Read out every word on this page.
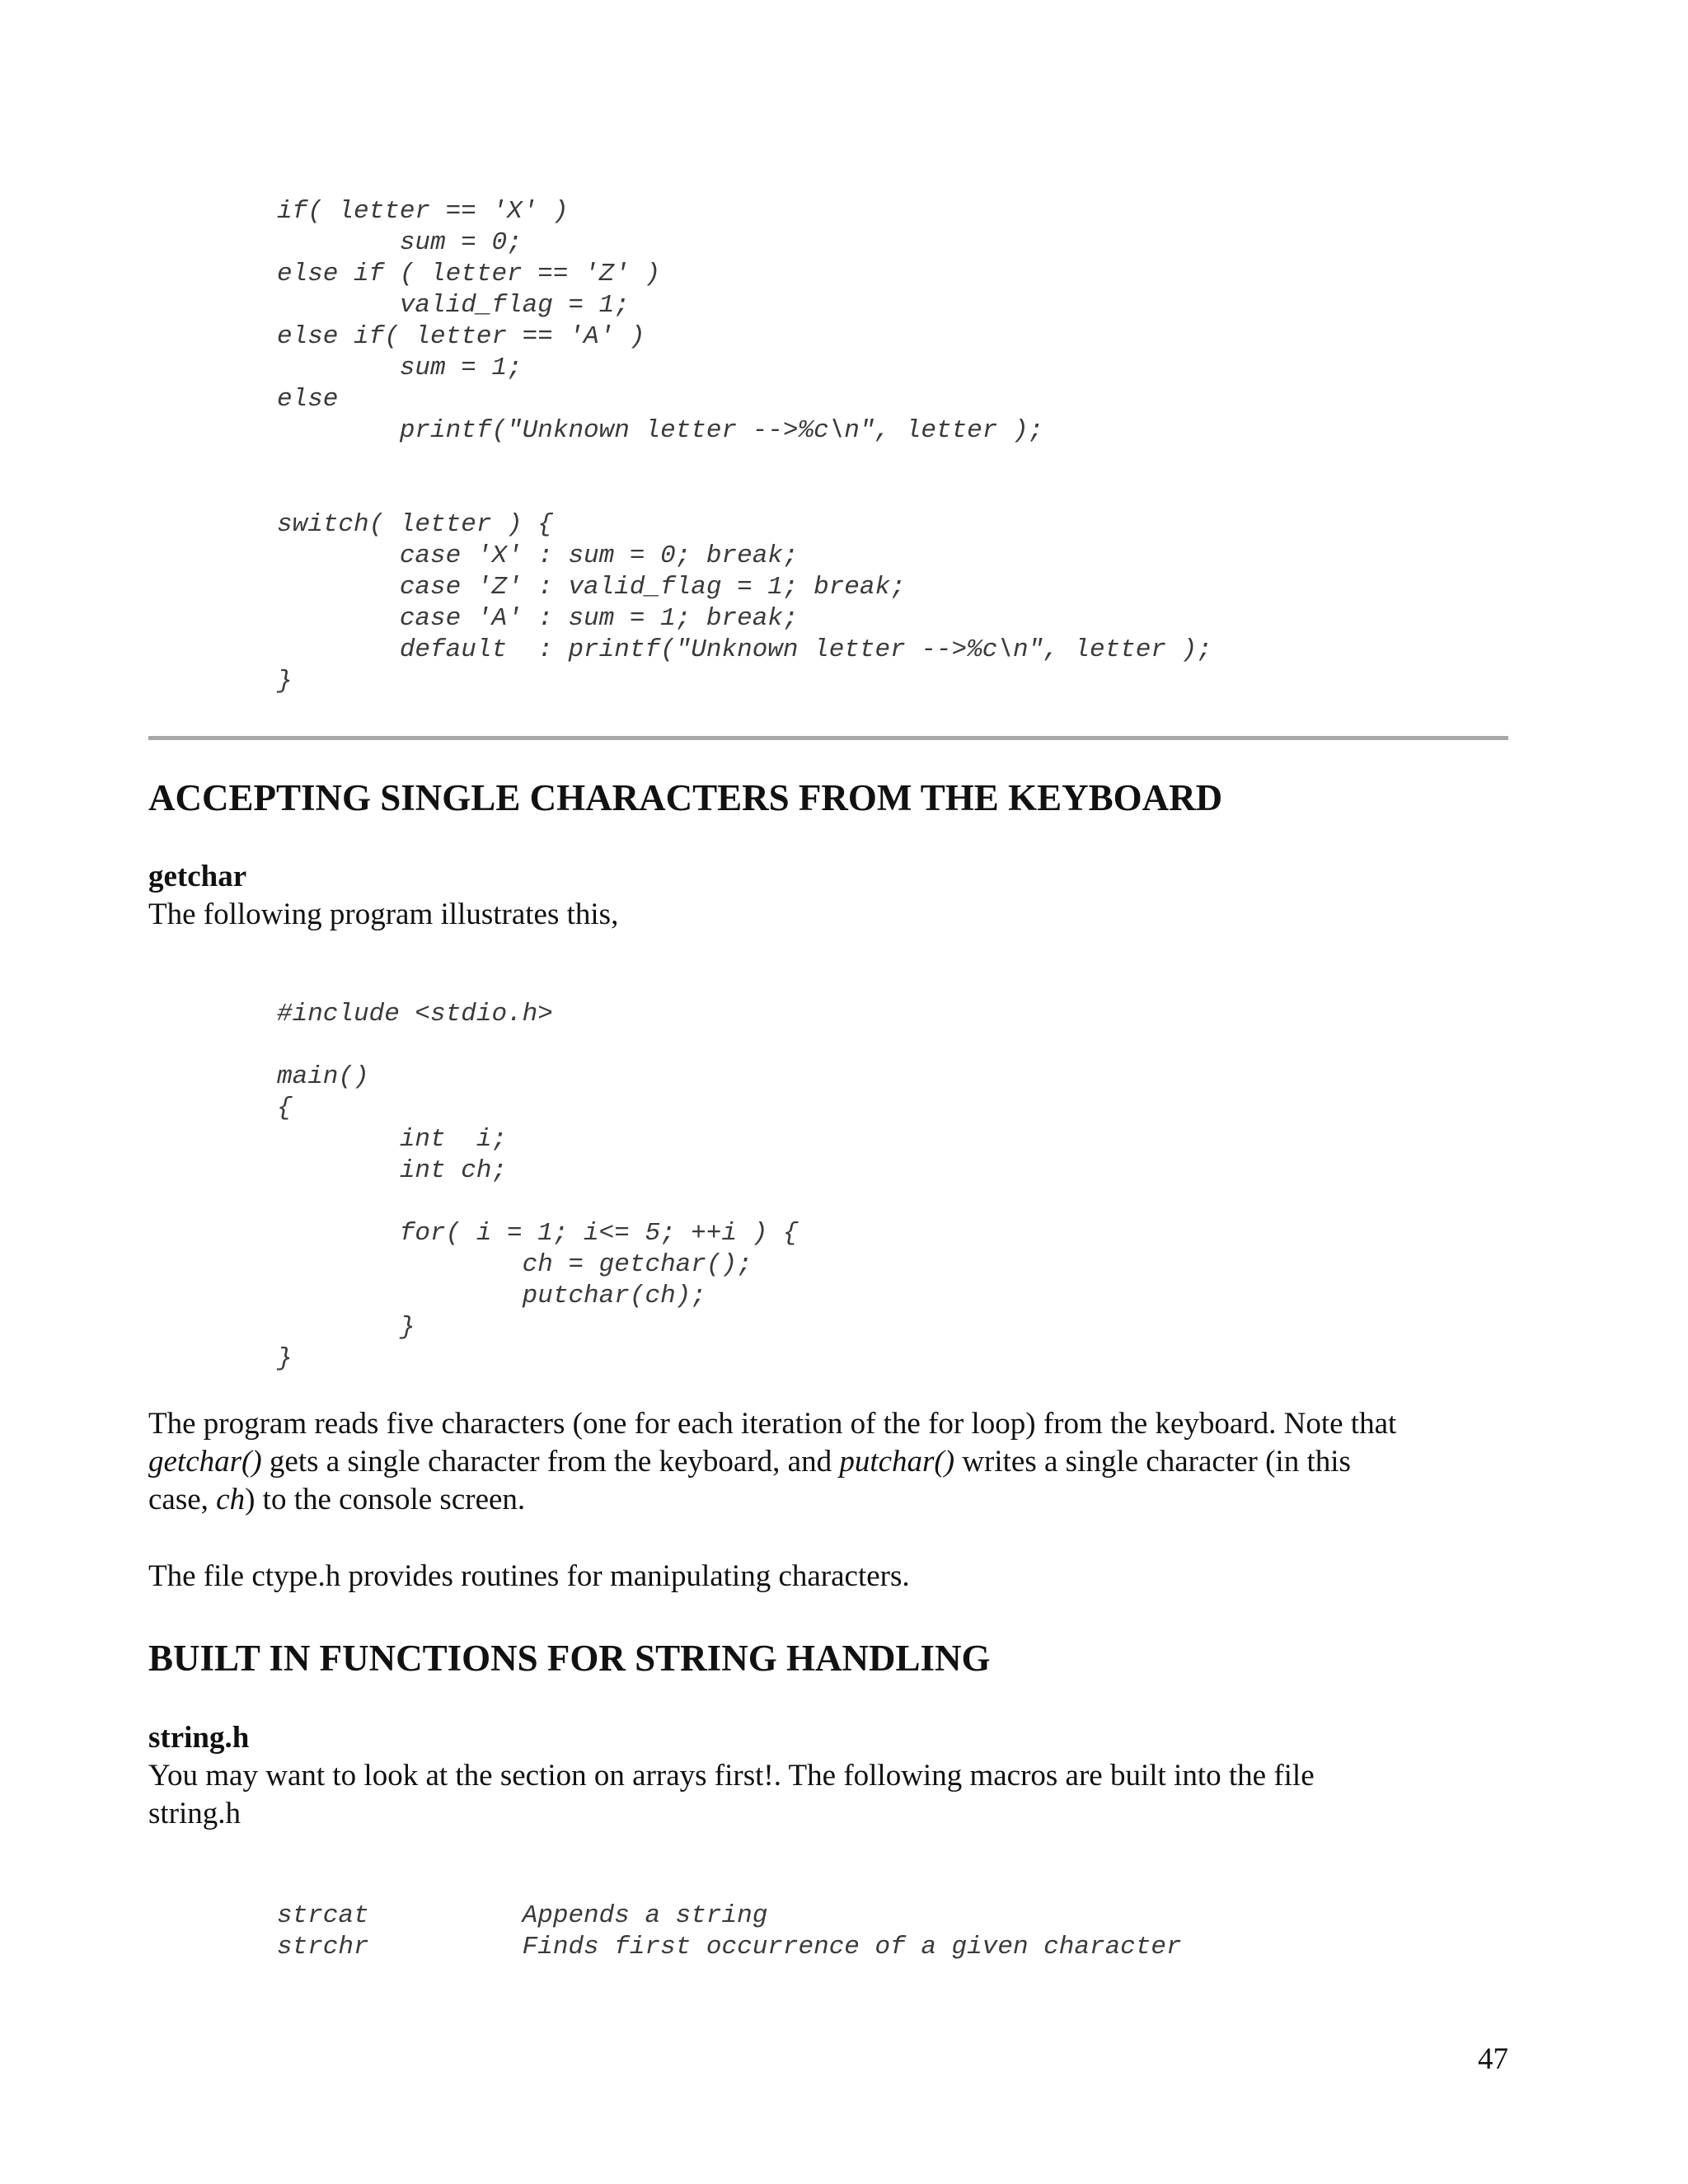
if( letter == 'X' )
sum = 0;
else if ( letter == 'Z' )
valid_flag = 1;
else if( letter == 'A' )
sum = 1;
else
printf("Unknown letter -->%c\n", letter );
switch( letter ) {
case 'X' : sum = 0; break;
case 'Z' : valid_flag = 1; break;
case 'A' : sum = 1; break;
default  : printf("Unknown letter -->%c\n", letter );
}
ACCEPTING SINGLE CHARACTERS FROM THE KEYBOARD
getchar

The following program illustrates this,

#include <stdio.h>
main()
{
int  i;
int ch;
for( i = 1; i<= 5; ++i ) {
ch = getchar();
putchar(ch);
}
}

The program reads five characters (one for each iteration of the for loop) from the keyboard. Note that
getchar() gets a single character from the keyboard, and putchar() writes a single character (in this
case, ch) to the console screen.

The file ctype.h provides routines for manipulating characters.

BUILT IN FUNCTIONS FOR STRING HANDLING
string.h

You may want to look at the section on arrays first!. The following macros are built into the file
string.h

strcat          Appends a string
strchr          Finds first occurrence of a given character
47
